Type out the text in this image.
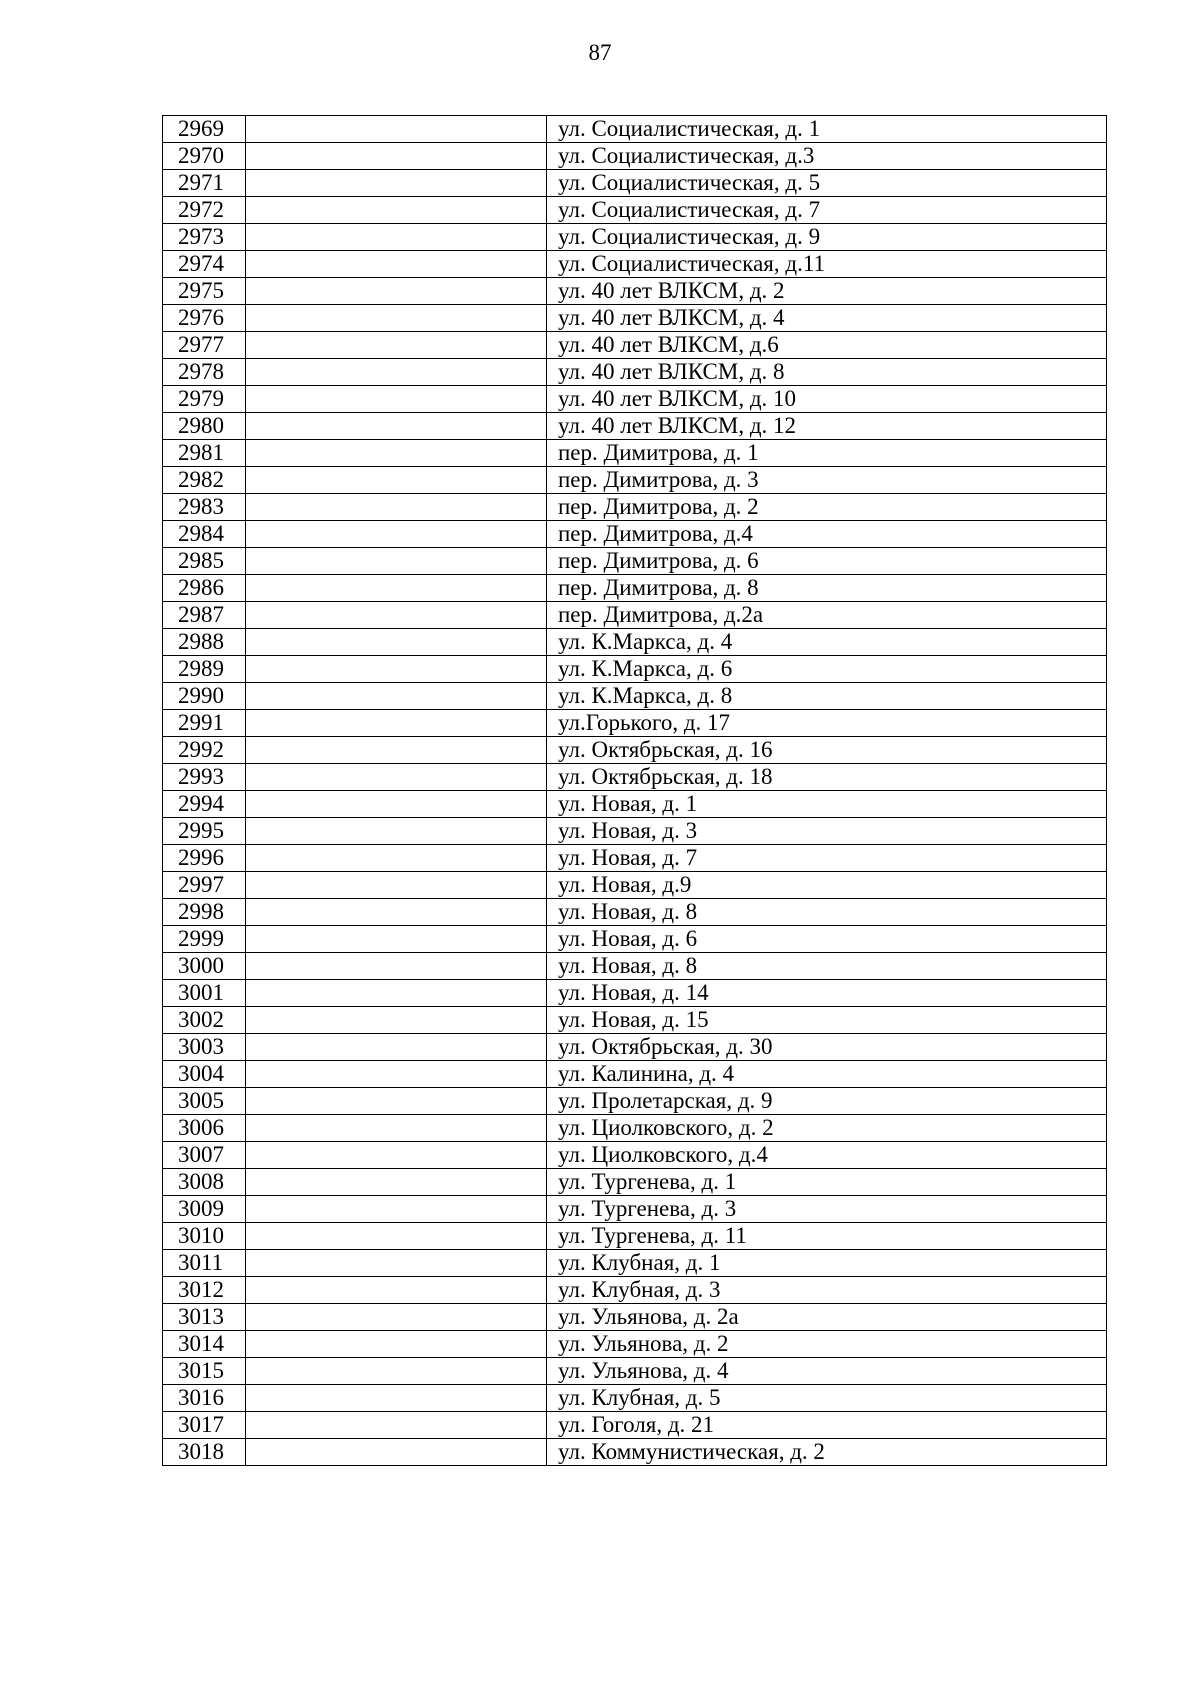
87
2969		ул. Социалистическая, д. 1
2970		ул. Социалистическая, д.3
2971		ул. Социалистическая, д. 5
2972		ул. Социалистическая, д. 7
2973		ул. Социалистическая, д. 9
2974		ул. Социалистическая, д.11
2975		ул. 40 лет ВЛКСМ, д. 2
2976		ул. 40 лет ВЛКСМ, д. 4
2977		ул. 40 лет ВЛКСМ, д.6
2978		ул. 40 лет ВЛКСМ, д. 8
2979		ул. 40 лет ВЛКСМ, д. 10
2980		ул. 40 лет ВЛКСМ, д. 12
2981		пер. Димитрова, д. 1
2982		пер. Димитрова, д. 3
2983		пер. Димитрова, д. 2
2984		пер. Димитрова, д.4
2985		пер. Димитрова, д. 6
2986		пер. Димитрова, д. 8
2987		пер. Димитрова, д.2а
2988		ул. К.Маркса, д. 4
2989		ул. К.Маркса, д. 6
2990		ул. К.Маркса, д. 8
2991		ул.Горького, д. 17
2992		ул. Октябрьская, д. 16
2993		ул. Октябрьская, д. 18
2994		ул. Новая, д. 1
2995		ул. Новая, д. 3
2996		ул. Новая, д. 7
2997		ул. Новая, д.9
2998		ул. Новая, д. 8
2999		ул. Новая, д. 6
3000		ул. Новая, д. 8
3001		ул. Новая, д. 14
3002		ул. Новая, д. 15
3003		ул. Октябрьская, д. 30
3004		ул. Калинина, д. 4
3005		ул. Пролетарская, д. 9
3006		ул. Циолковского, д. 2
3007		ул. Циолковского, д.4
3008		ул. Тургенева, д. 1
3009		ул. Тургенева, д. 3
3010		ул. Тургенева, д. 11
3011		ул. Клубная, д. 1
3012		ул. Клубная, д. 3
3013		ул. Ульянова, д. 2а
3014		ул. Ульянова, д. 2
3015		ул. Ульянова, д. 4
3016		ул. Клубная, д. 5
3017		ул. Гоголя, д. 21
3018		ул. Коммунистическая, д. 2
